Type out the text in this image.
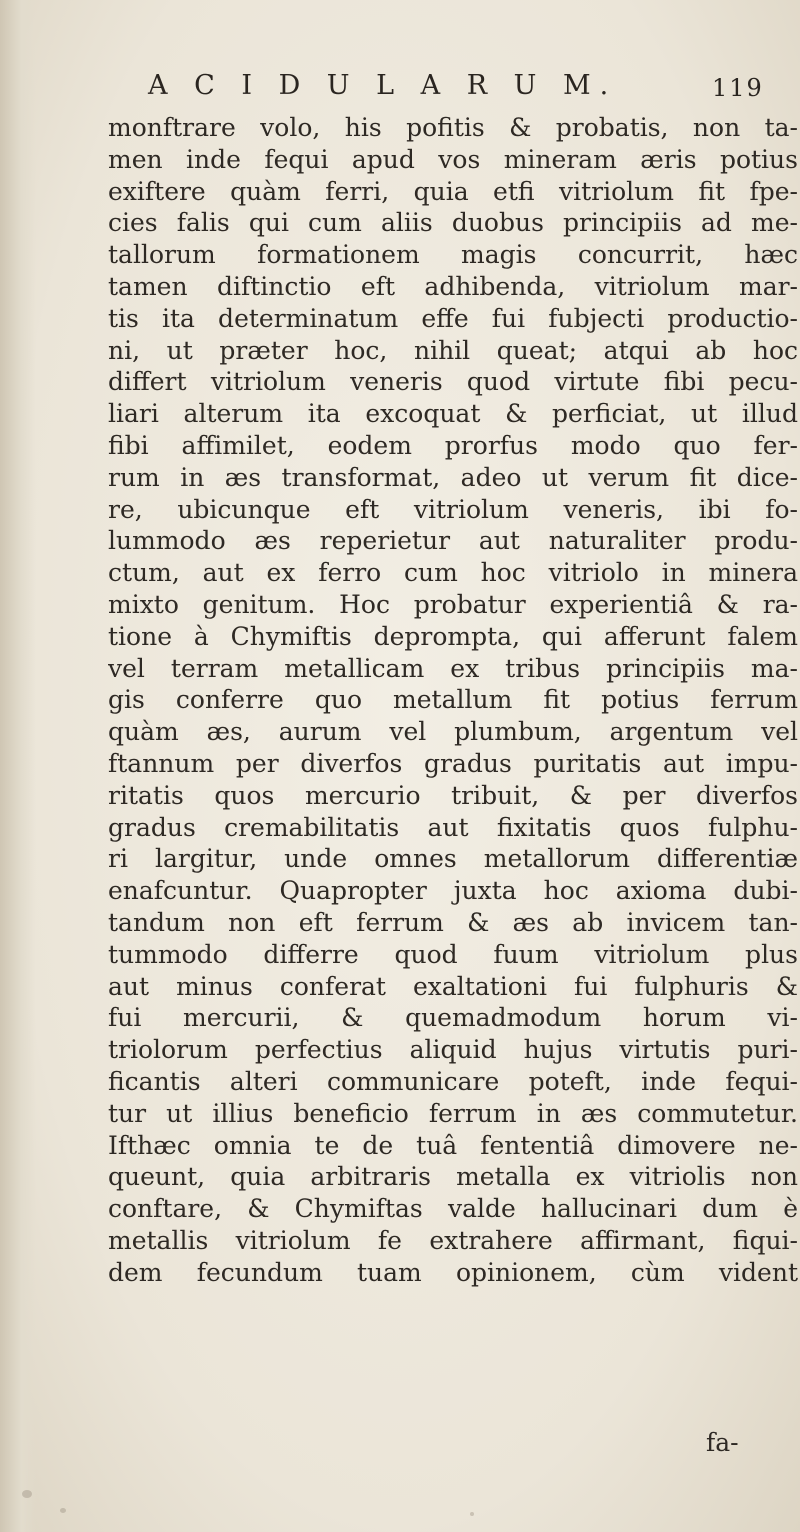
A C I D U L A R U M.	119
monftrare volo, his pofitis & probatis, non ta-
men inde fequi apud vos mineram æris potius
exiftere quàm ferri, quia etfi vitriolum fit fpe-
cies falis qui cum aliis duobus principiis ad me-
tallorum formationem magis concurrit, hæc
tamen diftinctio eft adhibenda, vitriolum mar-
tis ita determinatum effe fui fubjecti productio-
ni, ut præter hoc, nihil queat; atqui ab hoc
differt vitriolum veneris quod virtute fibi pecu-
liari alterum ita excoquat & perficiat, ut illud
fibi affimilet, eodem prorfus modo quo fer-
rum in æs transformat, adeo ut verum fit dice-
re, ubicunque eft vitriolum veneris, ibi fo-
lummodo æs reperietur aut naturaliter produ-
ctum, aut ex ferro cum hoc vitriolo in minera
mixto genitum. Hoc probatur experientiâ & ra-
tione à Chymiftis deprompta, qui afferunt falem
vel terram metallicam ex tribus principiis ma-
gis conferre quo metallum fit potius ferrum
quàm æs, aurum vel plumbum, argentum vel
ftannum per diverfos gradus puritatis aut impu-
ritatis quos mercurio tribuit, & per diverfos
gradus cremabilitatis aut fixitatis quos fulphu-
ri largitur, unde omnes metallorum differentiæ
enafcuntur. Quapropter juxta hoc axioma dubi-
tandum non eft ferrum & æs ab invicem tan-
tummodo differre quod fuum vitriolum plus
aut minus conferat exaltationi fui fulphuris &
fui mercurii, & quemadmodum horum vi-
triolorum perfectius aliquid hujus virtutis puri-
ficantis alteri communicare poteft, inde fequi-
tur ut illius beneficio ferrum in æs commutetur.
Ifthæc omnia te de tuâ fententiâ dimovere ne-
queunt, quia arbitraris metalla ex vitriolis non
conftare, & Chymiftas valde hallucinari dum è
metallis vitriolum fe extrahere affirmant, fiqui-
dem fecundum tuam opinionem, cùm vident
fa-
